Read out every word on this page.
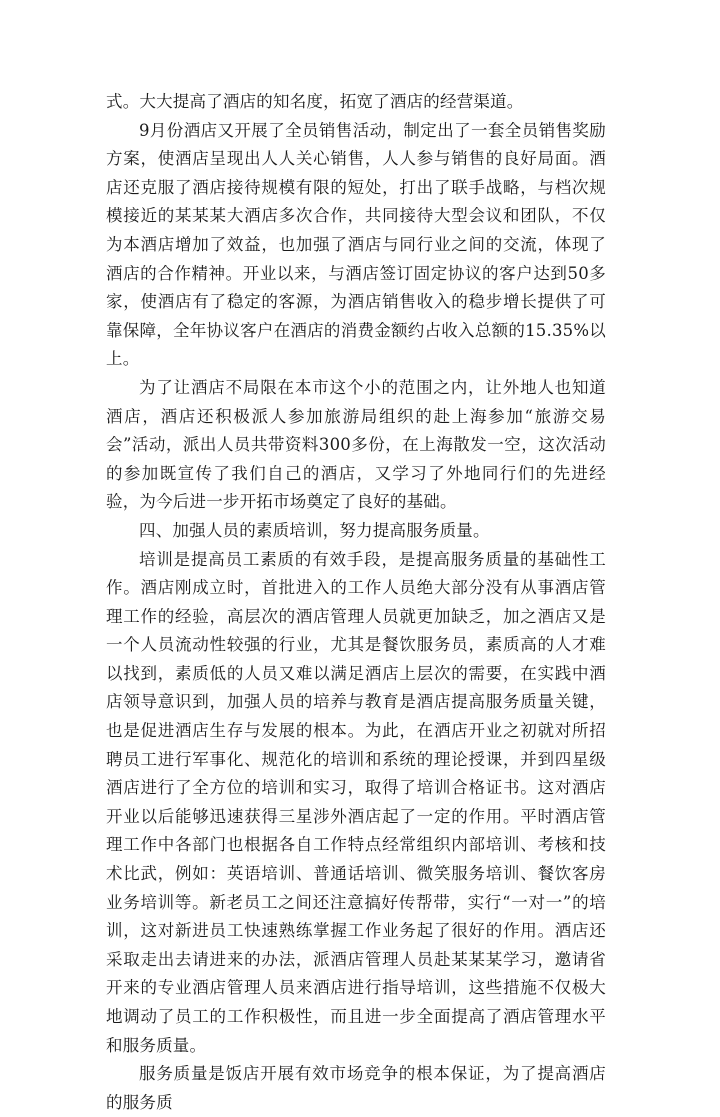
式。大大提高了酒店的知名度，拓宽了酒店的经营渠道。

9月份酒店又开展了全员销售活动，制定出了一套全员销售奖励方案，使酒店呈现出人人关心销售，人人参与销售的良好局面。酒店还克服了酒店接待规模有限的短处，打出了联手战略，与档次规模接近的某某某大酒店多次合作，共同接待大型会议和团队，不仅为本酒店增加了效益，也加强了酒店与同行业之间的交流，体现了酒店的合作精神。开业以来，与酒店签订固定协议的客户达到50多家，使酒店有了稳定的客源，为酒店销售收入的稳步增长提供了可靠保障，全年协议客户在酒店的消费金额约占收入总额的15.35%以上。

为了让酒店不局限在本市这个小的范围之内，让外地人也知道酒店，酒店还积极派人参加旅游局组织的赴上海参加“旅游交易会”活动，派出人员共带资料300多份，在上海散发一空，这次活动的参加既宣传了我们自己的酒店，又学习了外地同行们的先进经验，为今后进一步开拓市场奠定了良好的基础。

四、加强人员的素质培训，努力提高服务质量。

培训是提高员工素质的有效手段，是提高服务质量的基础性工作。酒店刚成立时，首批进入的工作人员绝大部分没有从事酒店管理工作的经验，高层次的酒店管理人员就更加缺乏，加之酒店又是一个人员流动性较强的行业，尤其是餐饮服务员，素质高的人才难以找到，素质低的人员又难以满足酒店上层次的需要，在实践中酒店领导意识到，加强人员的培养与教育是酒店提高服务质量关键，也是促进酒店生存与发展的根本。为此，在酒店开业之初就对所招聘员工进行军事化、规范化的培训和系统的理论授课，并到四星级酒店进行了全方位的培训和实习，取得了培训合格证书。这对酒店开业以后能够迅速获得三星涉外酒店起了一定的作用。平时酒店管理工作中各部门也根据各自工作特点经常组织内部培训、考核和技术比武，例如：英语培训、普通话培训、微笑服务培训、餐饮客房业务培训等。新老员工之间还注意搞好传帮带，实行“一对一”的培训，这对新进员工快速熟练掌握工作业务起了很好的作用。酒店还采取走出去请进来的办法，派酒店管理人员赴某某某学习，邀请省开来的专业酒店管理人员来酒店进行指导培训，这些措施不仅极大地调动了员工的工作积极性，而且进一步全面提高了酒店管理水平和服务质量。

服务质量是饭店开展有效市场竞争的根本保证，为了提高酒店的服务质
